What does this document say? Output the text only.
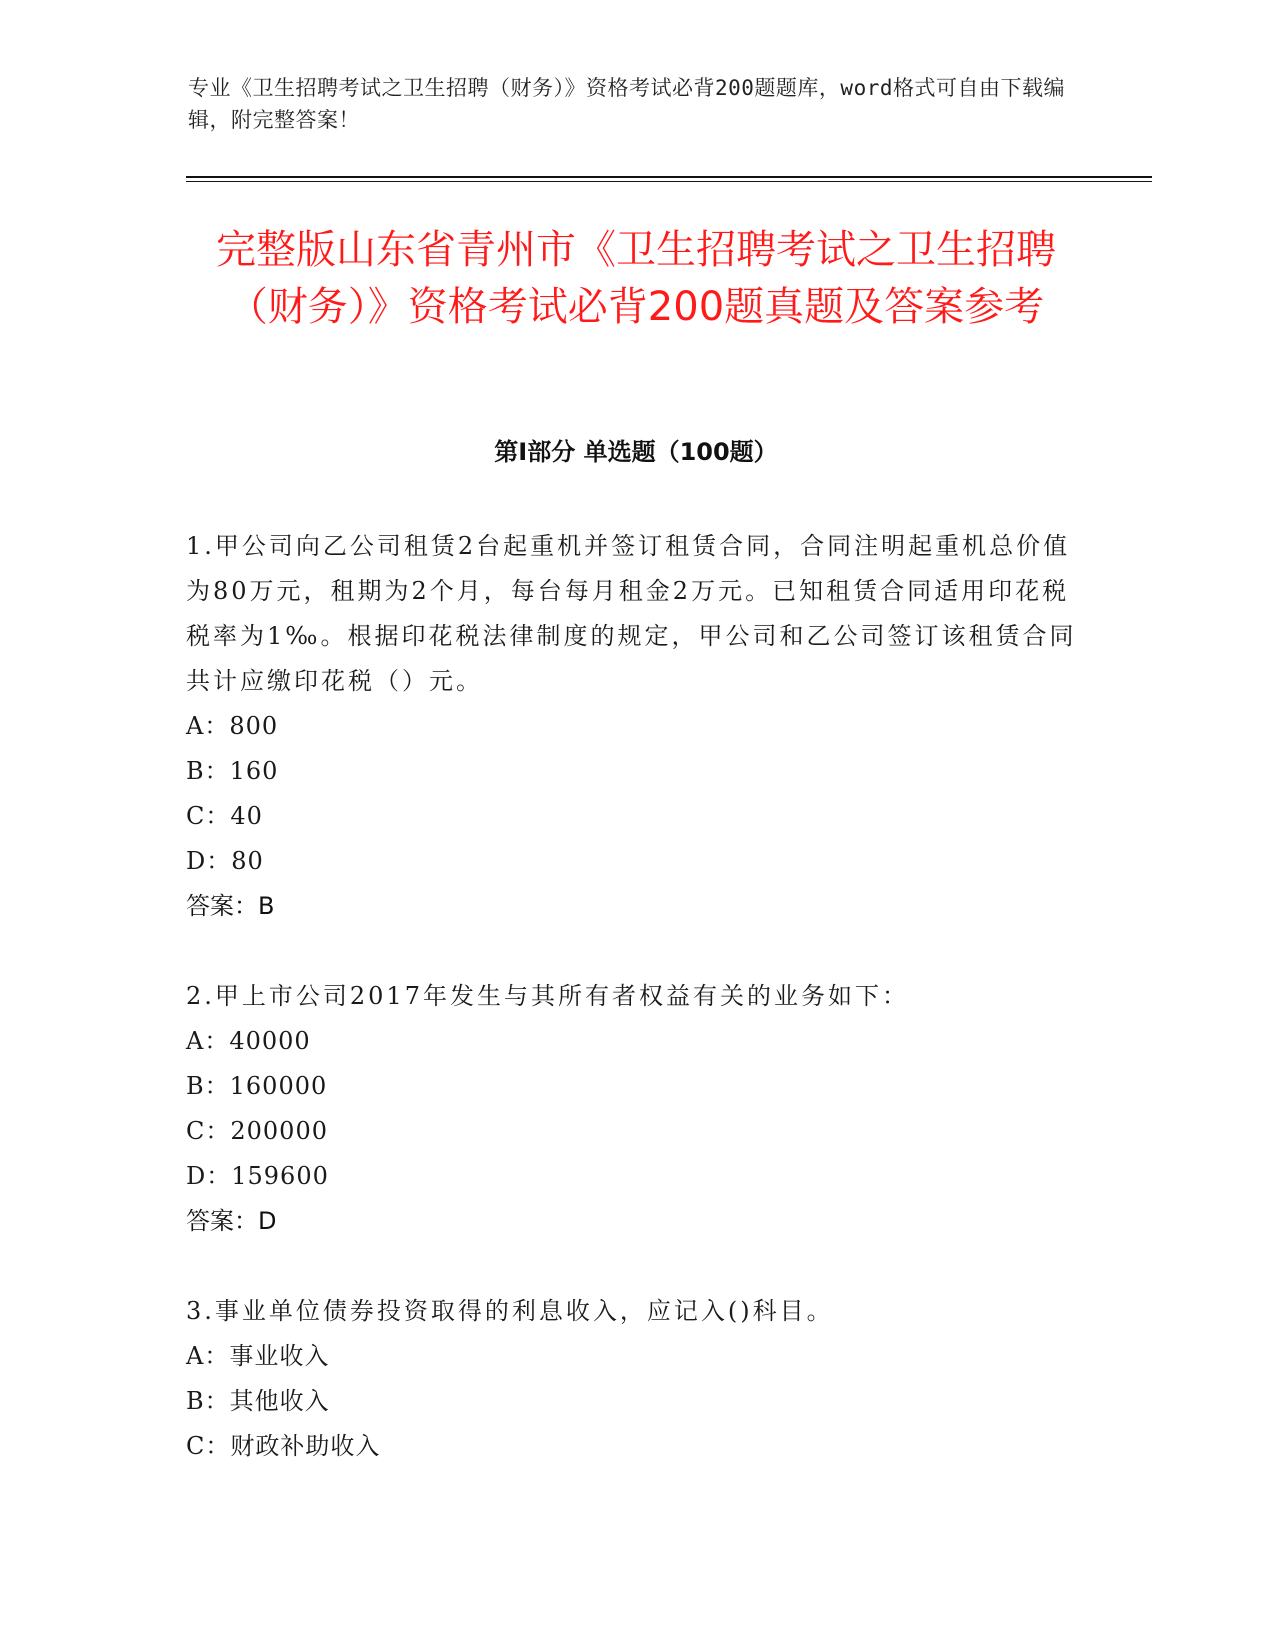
专业《卫生招聘考试之卫生招聘（财务）》资格考试必背200题题库，word格式可自由下载编辑，附完整答案！
完整版山东省青州市《卫生招聘考试之卫生招聘（财务）》资格考试必背200题真题及答案参考
第Ⅰ部分 单选题（100题）

1.甲公司向乙公司租赁2台起重机并签订租赁合同，合同注明起重机总价值为80万元，租期为2个月，每台每月租金2万元。已知租赁合同适用印花税税率为1‰。根据印花税法律制度的规定，甲公司和乙公司签订该租赁合同共计应缴印花税（）元。

A：800

B：160

C：40

D：80

答案：B

2.甲上市公司2017年发生与其所有者权益有关的业务如下：

A：40000

B：160000

C：200000

D：159600

答案：D

3.事业单位债券投资取得的利息收入，应记入()科目。

A：事业收入

B：其他收入

C：财政补助收入
